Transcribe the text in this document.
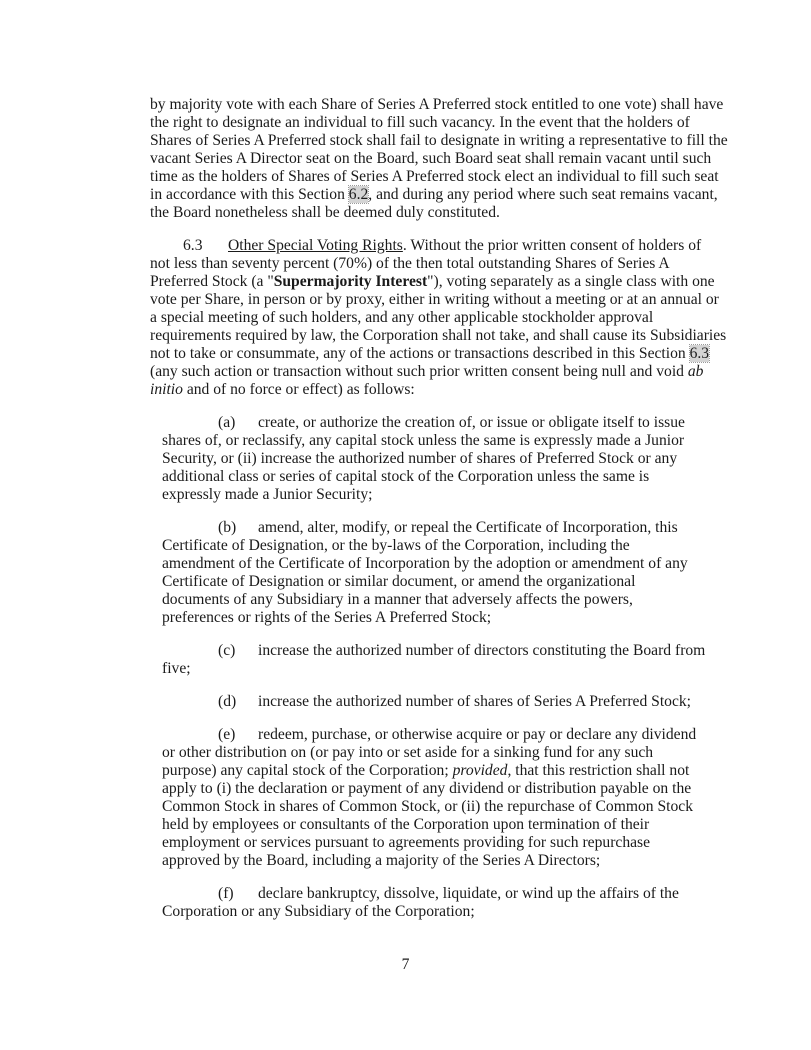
by majority vote with each Share of Series A Preferred stock entitled to one vote) shall have
the right to designate an individual to fill such vacancy. In the event that the holders of
Shares of Series A Preferred stock shall fail to designate in writing a representative to fill the
vacant Series A Director seat on the Board, such Board seat shall remain vacant until such
time as the holders of Shares of Series A Preferred stock elect an individual to fill such seat
in accordance with this Section 6.2, and during any period where such seat remains vacant,
the Board nonetheless shall be deemed duly constituted.
6.3 Other Special Voting Rights. Without the prior written consent of holders of
not less than seventy percent (70%) of the then total outstanding Shares of Series A
Preferred Stock (a "Supermajority Interest"), voting separately as a single class with one
vote per Share, in person or by proxy, either in writing without a meeting or at an annual or
a special meeting of such holders, and any other applicable stockholder approval
requirements required by law, the Corporation shall not take, and shall cause its Subsidiaries
not to take or consummate, any of the actions or transactions described in this Section 6.3
(any such action or transaction without such prior written consent being null and void ab
initio and of no force or effect) as follows:
(a) create, or authorize the creation of, or issue or obligate itself to issue
shares of, or reclassify, any capital stock unless the same is expressly made a Junior
Security, or (ii) increase the authorized number of shares of Preferred Stock or any
additional class or series of capital stock of the Corporation unless the same is
expressly made a Junior Security;
(b) amend, alter, modify, or repeal the Certificate of Incorporation, this
Certificate of Designation, or the by-laws of the Corporation, including the
amendment of the Certificate of Incorporation by the adoption or amendment of any
Certificate of Designation or similar document, or amend the organizational
documents of any Subsidiary in a manner that adversely affects the powers,
preferences or rights of the Series A Preferred Stock;
(c) increase the authorized number of directors constituting the Board from
five;
(d) increase the authorized number of shares of Series A Preferred Stock;
(e) redeem, purchase, or otherwise acquire or pay or declare any dividend
or other distribution on (or pay into or set aside for a sinking fund for any such
purpose) any capital stock of the Corporation; provided, that this restriction shall not
apply to (i) the declaration or payment of any dividend or distribution payable on the
Common Stock in shares of Common Stock, or (ii) the repurchase of Common Stock
held by employees or consultants of the Corporation upon termination of their
employment or services pursuant to agreements providing for such repurchase
approved by the Board, including a majority of the Series A Directors;
(f) declare bankruptcy, dissolve, liquidate, or wind up the affairs of the
Corporation or any Subsidiary of the Corporation;
7
